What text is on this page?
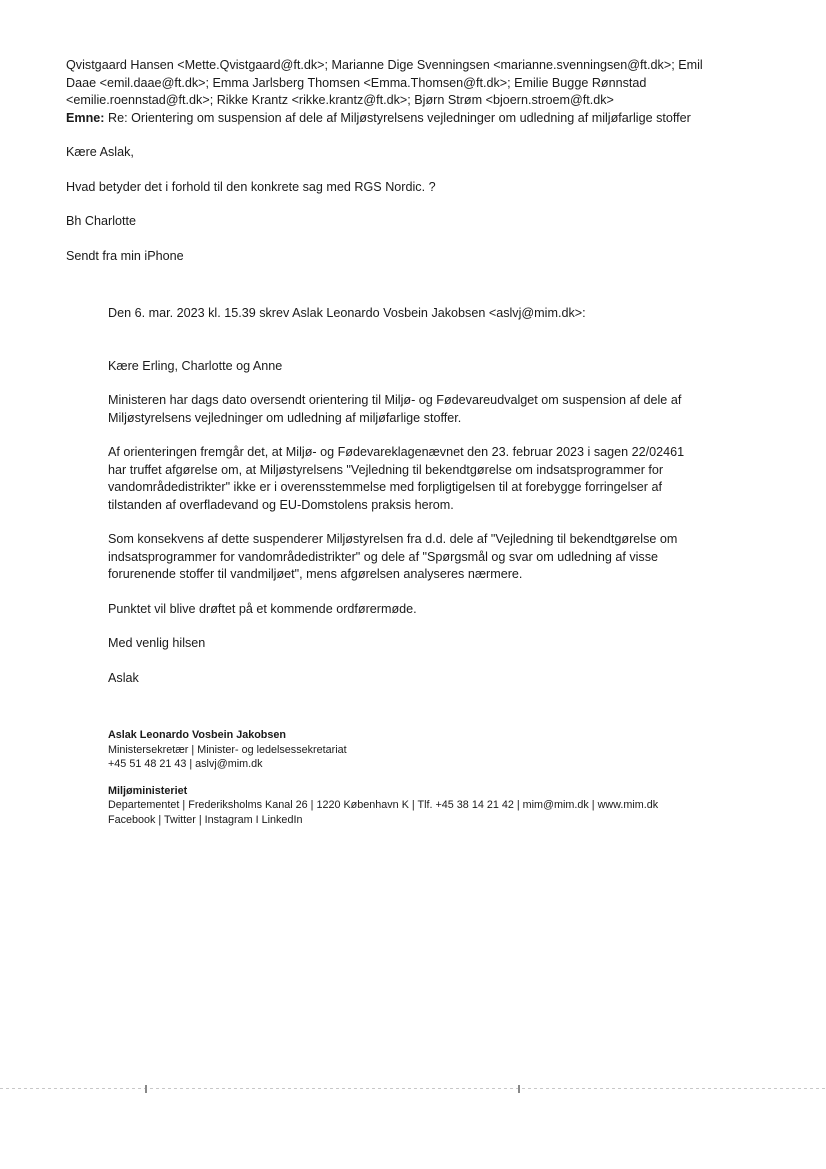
Qvistgaard Hansen <Mette.Qvistgaard@ft.dk>; Marianne Dige Svenningsen <marianne.svenningsen@ft.dk>; Emil
Daae <emil.daae@ft.dk>; Emma Jarlsberg Thomsen <Emma.Thomsen@ft.dk>; Emilie Bugge Rønnstad
<emilie.roennstad@ft.dk>; Rikke Krantz <rikke.krantz@ft.dk>; Bjørn Strøm <bjoern.stroem@ft.dk>
Emne: Re: Orientering om suspension af dele af Miljøstyrelsens vejledninger om udledning af miljøfarlige stoffer

Kære Aslak,

Hvad betyder det i forhold til den konkrete sag med RGS Nordic. ?

Bh Charlotte

Sendt fra min iPhone

Den 6. mar. 2023 kl. 15.39 skrev Aslak Leonardo Vosbein Jakobsen <aslvj@mim.dk>:
Kære Erling, Charlotte og Anne
Ministeren har dags dato oversendt orientering til Miljø- og Fødevareudvalget om suspension af dele af
Miljøstyrelsens vejledninger om udledning af miljøfarlige stoffer.
Af orienteringen fremgår det, at Miljø- og Fødevareklagenævnet den 23. februar 2023 i sagen 22/02461
har truffet afgørelse om, at Miljøstyrelsens "Vejledning til bekendtgørelse om indsatsprogrammer for
vandområdedistrikter" ikke er i overensstemmelse med forpligtigelsen til at forebygge forringelser af
tilstanden af overfladevand og EU-Domstolens praksis herom.
Som konsekvens af dette suspenderer Miljøstyrelsen fra d.d. dele af "Vejledning til bekendtgørelse om
indsatsprogrammer for vandområdedistrikter" og dele af "Spørgsmål og svar om udledning af visse
forurenende stoffer til vandmiljøet", mens afgørelsen analyseres nærmere.
Punktet vil blive drøftet på et kommende ordførermøde.
Med venlig hilsen
Aslak
Aslak Leonardo Vosbein Jakobsen
Ministersekretær | Minister- og ledelsessekretariat
+45 51 48 21 43 | aslvj@mim.dk
Miljøministeriet
Departementet | Frederiksholms Kanal 26 | 1220 København K | Tlf. +45 38 14 21 42 | mim@mim.dk | www.mim.dk
Facebook | Twitter | Instagram I LinkedIn
